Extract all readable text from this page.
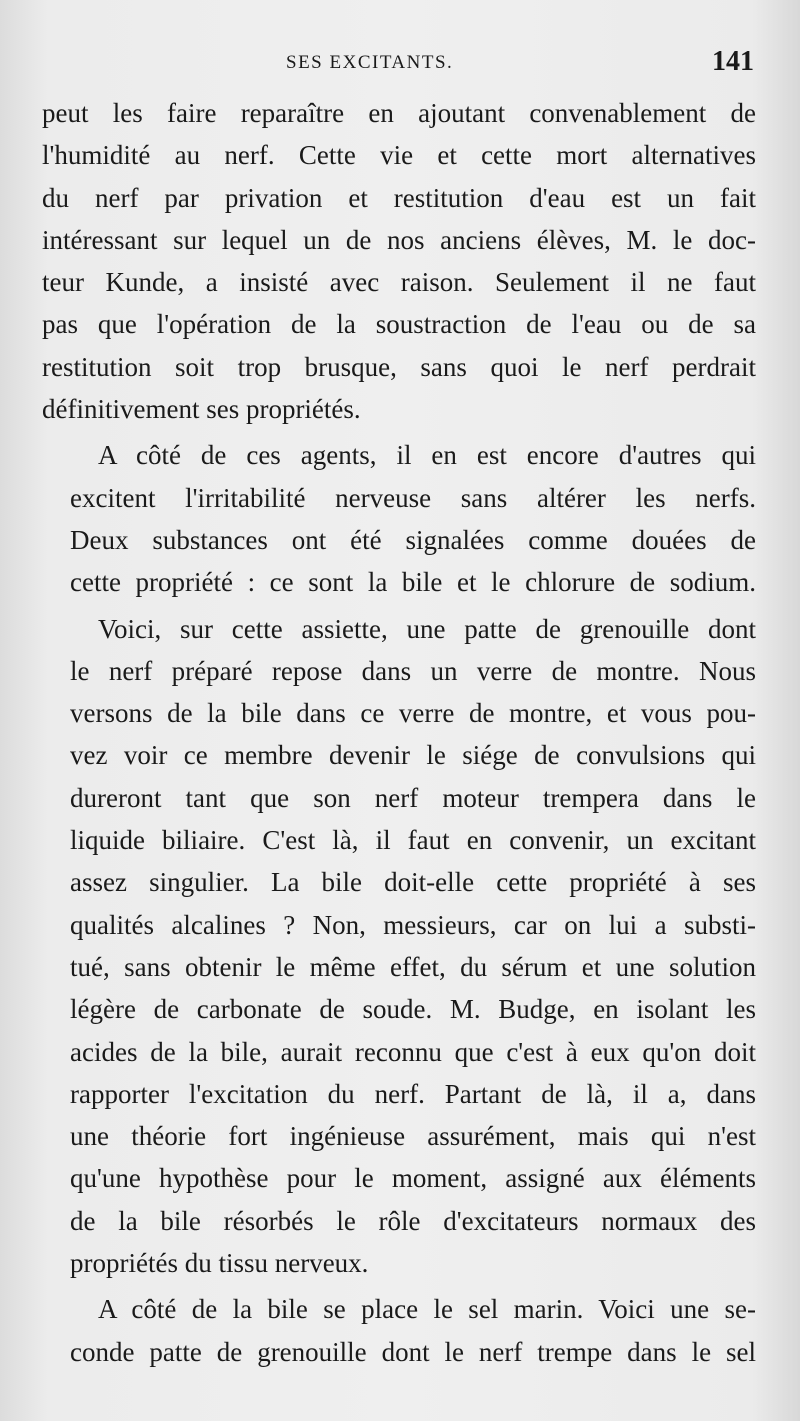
SES EXCITANTS.	141

peut les faire reparaître en ajoutant convenablement de
l'humidité au nerf. Cette vie et cette mort alternatives
du nerf par privation et restitution d'eau est un fait
intéressant sur lequel un de nos anciens élèves, M. le doc-
teur Kunde, a insisté avec raison. Seulement il ne faut
pas que l'opération de la soustraction de l'eau ou de sa
restitution soit trop brusque, sans quoi le nerf perdrait
définitivement ses propriétés.

A côté de ces agents, il en est encore d'autres qui
excitent l'irritabilité nerveuse sans altérer les nerfs.
Deux substances ont été signalées comme douées de
cette propriété : ce sont la bile et le chlorure de sodium.

Voici, sur cette assiette, une patte de grenouille dont
le nerf préparé repose dans un verre de montre. Nous
versons de la bile dans ce verre de montre, et vous pou-
vez voir ce membre devenir le siége de convulsions qui
dureront tant que son nerf moteur trempera dans le
liquide biliaire. C'est là, il faut en convenir, un excitant
assez singulier. La bile doit-elle cette propriété à ses
qualités alcalines ? Non, messieurs, car on lui a substi-
tué, sans obtenir le même effet, du sérum et une solution
légère de carbonate de soude. M. Budge, en isolant les
acides de la bile, aurait reconnu que c'est à eux qu'on doit
rapporter l'excitation du nerf. Partant de là, il a, dans
une théorie fort ingénieuse assurément, mais qui n'est
qu'une hypothèse pour le moment, assigné aux éléments
de la bile résorbés le rôle d'excitateurs normaux des
propriétés du tissu nerveux.

A côté de la bile se place le sel marin. Voici une se-
conde patte de grenouille dont le nerf trempe dans le sel
